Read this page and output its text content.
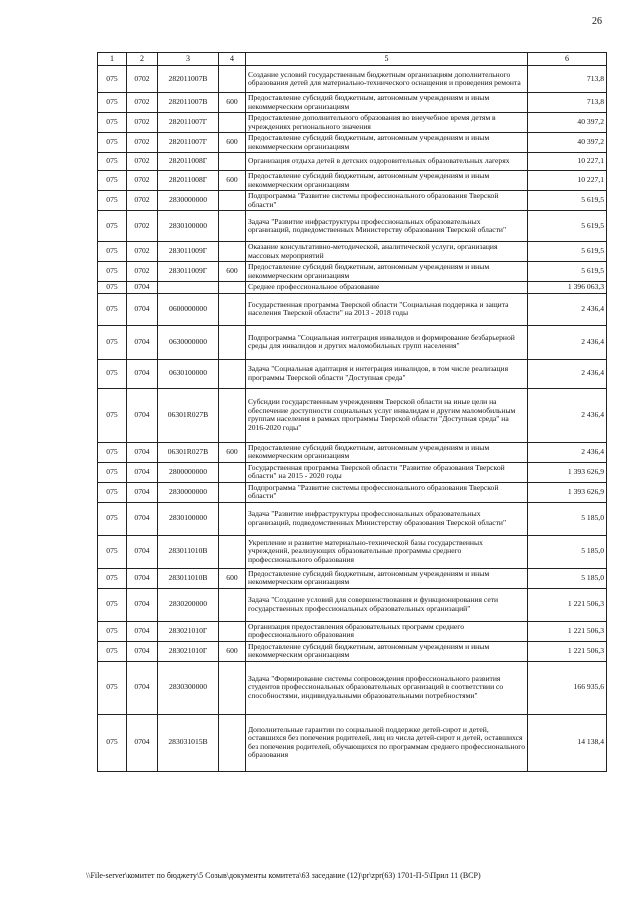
26
1	2	3	4	5	6
075	0702	282011007В		Создание условий государственным бюджетным организациям дополнительного образования детей для материально-технического оснащения и проведения ремонта	713,8
075	0702	282011007В	600	Предоставление субсидий бюджетным, автономным учреждениям и иным некоммерческим организациям	713,8
075	0702	282011007Г		Предоставление дополнительного образования во внеучебное время детям в учреждениях регионального значения	40 397,2
075	0702	282011007Г	600	Предоставление субсидий бюджетным, автономным учреждениям и иным некоммерческим организациям	40 397,2
075	0702	282011008Г		Организация отдыха детей в детских оздоровительных образовательных лагерях	10 227,1
075	0702	282011008Г	600	Предоставление субсидий бюджетным, автономным учреждениям и иным некоммерческим организациям	10 227,1
075	0702	2830000000		Подпрограмма "Развитие системы профессионального образования Тверской области"	5 619,5
075	0702	2830100000		Задача "Развитие инфраструктуры профессиональных образовательных организаций, подведомственных Министерству образования Тверской области"	5 619,5
075	0702	283011009Г		Оказание консультативно-методической, аналитической услуги, организация массовых мероприятий	5 619,5
075	0702	283011009Г	600	Предоставление субсидий бюджетным, автономным учреждениям и иным некоммерческим организациям	5 619,5
075	0704			Среднее профессиональное образование	1 396 063,3
075	0704	0600000000		Государственная программа Тверской области "Социальная поддержка и защита населения Тверской области" на 2013 - 2018 годы	2 436,4
075	0704	0630000000		Подпрограмма "Социальная интеграция инвалидов и формирование безбарьерной среды для инвалидов и других маломобильных групп населения"	2 436,4
075	0704	0630100000		Задача "Социальная адаптация и интеграция инвалидов, в том числе реализация программы Тверской области "Доступная среда"	2 436,4
075	0704	06301R027В		Субсидии государственным учреждениям Тверской области на иные цели на обеспечение доступности социальных услуг инвалидам и другим маломобильным группам населения в рамках программы Тверской области "Доступная среда" на 2016-2020 годы"	2 436,4
075	0704	06301R027В	600	Предоставление субсидий бюджетным, автономным учреждениям и иным некоммерческим организациям	2 436,4
075	0704	2800000000		Государственная программа Тверской области "Развитие образования Тверской области" на 2015 - 2020 годы	1 393 626,9
075	0704	2830000000		Подпрограмма "Развитие системы профессионального образования Тверской области"	1 393 626,9
075	0704	2830100000		Задача "Развитие инфраструктуры профессиональных образовательных организаций, подведомственных Министерству образования Тверской области"	5 185,0
075	0704	283011010В		Укрепление и развитие материально-технической базы государственных учреждений, реализующих образовательные программы среднего профессионального образования	5 185,0
075	0704	283011010В	600	Предоставление субсидий бюджетным, автономным учреждениям и иным некоммерческим организациям	5 185,0
075	0704	2830200000		Задача "Создание условий для совершенствования и функционирования сети государственных профессиональных образовательных организаций"	1 221 506,3
075	0704	283021010Г		Организация предоставления образовательных программ среднего профессионального образования	1 221 506,3
075	0704	283021010Г	600	Предоставление субсидий бюджетным, автономным учреждениям и иным некоммерческим организациям	1 221 506,3
075	0704	2830300000		Задача "Формирование системы сопровождения профессионального развития студентов профессиональных образовательных организаций в соответствии со способностями, индивидуальными образовательными потребностями"	166 935,6
075	0704	283031015В		Дополнительные гарантии по социальной поддержке детей-сирот и детей, оставшихся без попечения родителей, лиц из числа детей-сирот и детей, оставшихся без попечения родителей, обучающихся по программам среднего профессионального образования	14 138,4
\\File-server\комитет по бюджету\5 Созыв\документы комитета\63 заседание (12)\pr\zpr(63) 1701-П-5\Прил 11 (ВСР)
